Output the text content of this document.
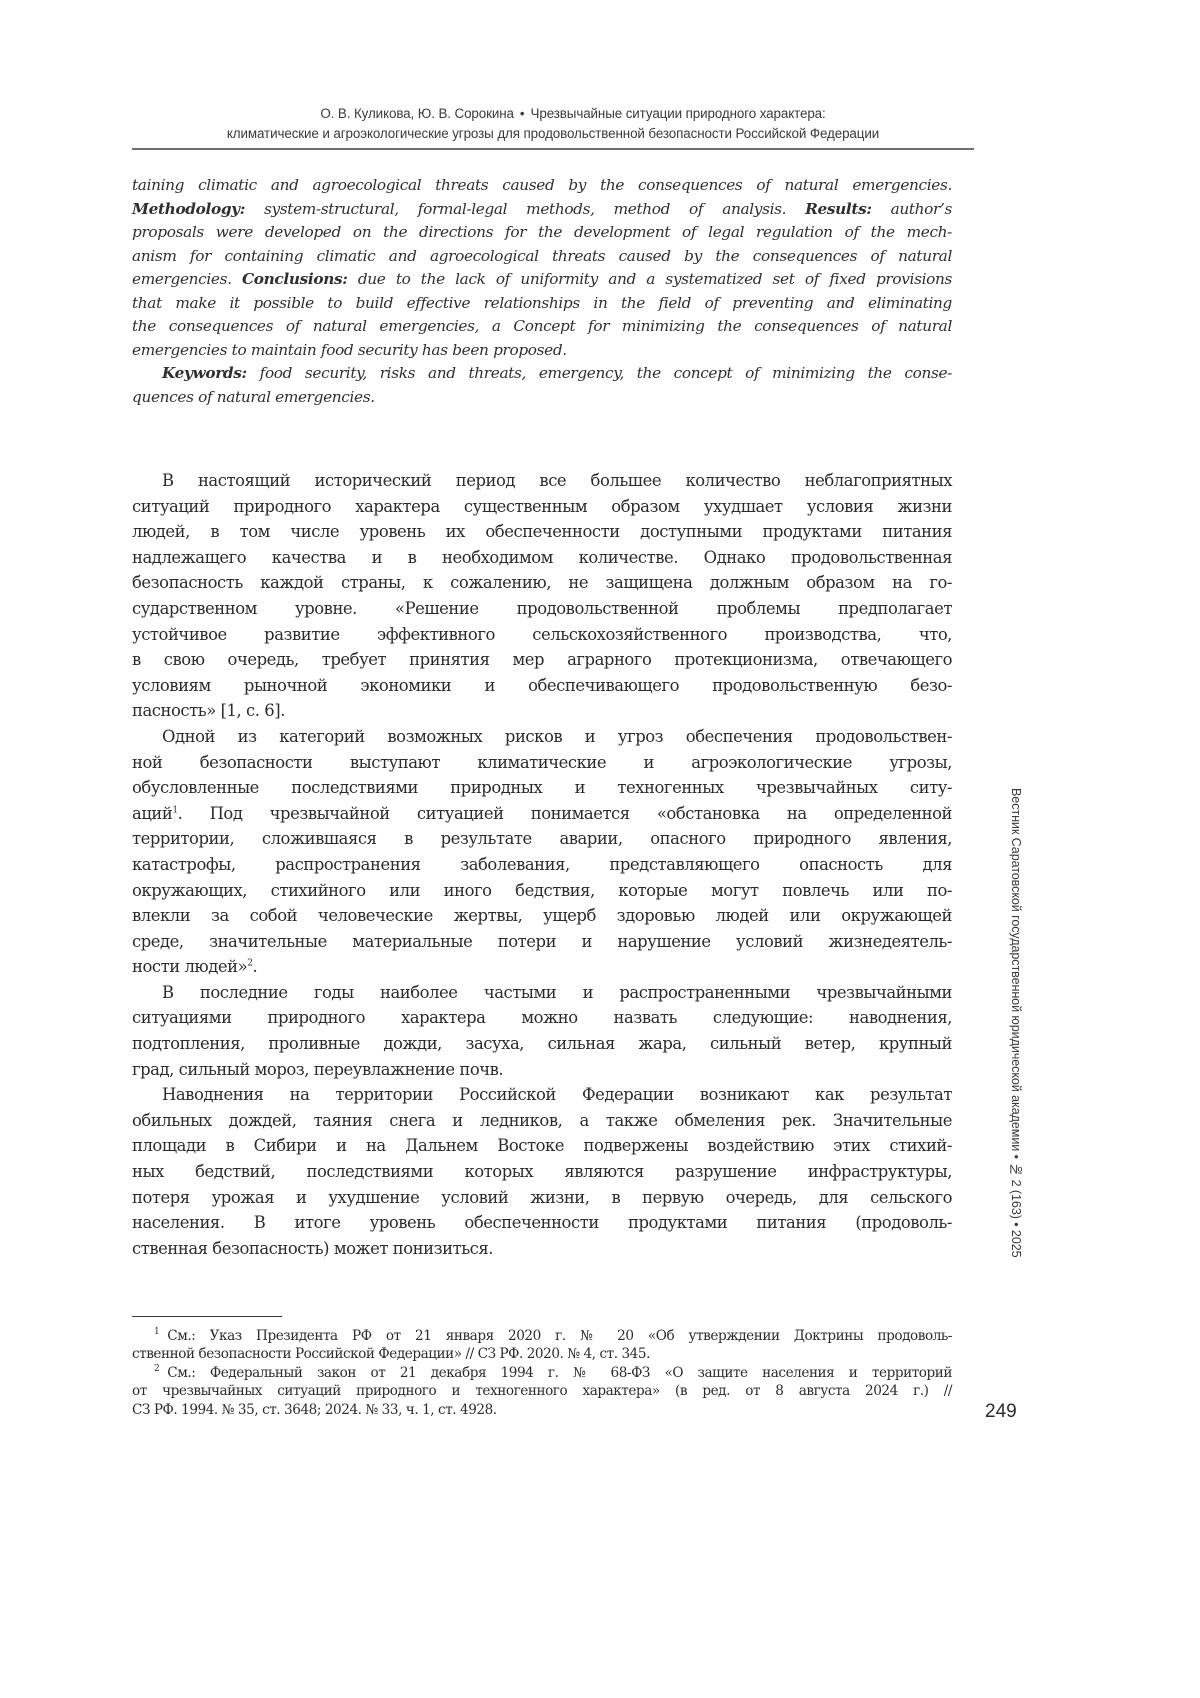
О. В. Куликова, Ю. В. Сорокина • Чрезвычайные ситуации природного характера:
климатические и агроэкологические угрозы для продовольственной безопасности Российской Федерации
taining climatic and agroecological threats caused by the consequences of natural emergencies.
Methodology: system-structural, formal-legal methods, method of analysis. Results: author’s
proposals were developed on the directions for the development of legal regulation of the mech-
anism for containing climatic and agroecological threats caused by the consequences of natural
emergencies. Conclusions: due to the lack of uniformity and a systematized set of fixed provisions
that make it possible to build effective relationships in the field of preventing and eliminating
the consequences of natural emergencies, a Concept for minimizing the consequences of natural
emergencies to maintain food security has been proposed.
Keywords: food security, risks and threats, emergency, the concept of minimizing the conse-
quences of natural emergencies.
В настоящий исторический период все большее количество неблагоприятных
ситуаций природного характера существенным образом ухудшает условия жизни
людей, в том числе уровень их обеспеченности доступными продуктами питания
надлежащего качества и в необходимом количестве. Однако продовольственная
безопасность каждой страны, к сожалению, не защищена должным образом на го-
сударственном уровне. «Решение продовольственной проблемы предполагает
устойчивое развитие эффективного сельскохозяйственного производства, что,
в свою очередь, требует принятия мер аграрного протекционизма, отвечающего
условиям рыночной экономики и обеспечивающего продовольственную безо-
пасность» [1, с. 6].
Одной из категорий возможных рисков и угроз обеспечения продовольствен-
ной безопасности выступают климатические и агроэкологические угрозы,
обусловленные последствиями природных и техногенных чрезвычайных ситу-
аций$^1$. Под чрезвычайной ситуацией понимается «обстановка на определенной
территории, сложившаяся в результате аварии, опасного природного явления,
катастрофы, распространения заболевания, представляющего опасность для
окружающих, стихийного или иного бедствия, которые могут повлечь или по-
влекли за собой человеческие жертвы, ущерб здоровью людей или окружающей
среде, значительные материальные потери и нарушение условий жизнедеятель-
ности людей»$^2$.
В последние годы наиболее частыми и распространенными чрезвычайными
ситуациями природного характера можно назвать следующие: наводнения,
подтопления, проливные дожди, засуха, сильная жара, сильный ветер, крупный
град, сильный мороз, переувлажнение почв.
Наводнения на территории Российской Федерации возникают как результат
обильных дождей, таяния снега и ледников, а также обмеления рек. Значительные
площади в Сибири и на Дальнем Востоке подвержены воздействию этих стихий-
ных бедствий, последствиями которых являются разрушение инфраструктуры,
потеря урожая и ухудшение условий жизни, в первую очередь, для сельского
населения. В итоге уровень обеспеченности продуктами питания (продоволь-
ственная безопасность) может понизиться.
$^1$ См.: Указ Президента РФ от 21 января 2020 г. № 20 «Об утверждении Доктрины продоволь-
ственной безопасности Российской Федерации» // СЗ РФ. 2020. № 4, ст. 345.
$^2$ См.: Федеральный закон от 21 декабря 1994 г. № 68-ФЗ «О защите населения и территорий
от чрезвычайных ситуаций природного и техногенного характера» (в ред. от 8 августа 2024 г.) //
СЗ РФ. 1994. № 35, ст. 3648; 2024. № 33, ч. 1, ст. 4928.
Вестник Саратовской государственной юридической академии • № 2 (163) • 2025
249
